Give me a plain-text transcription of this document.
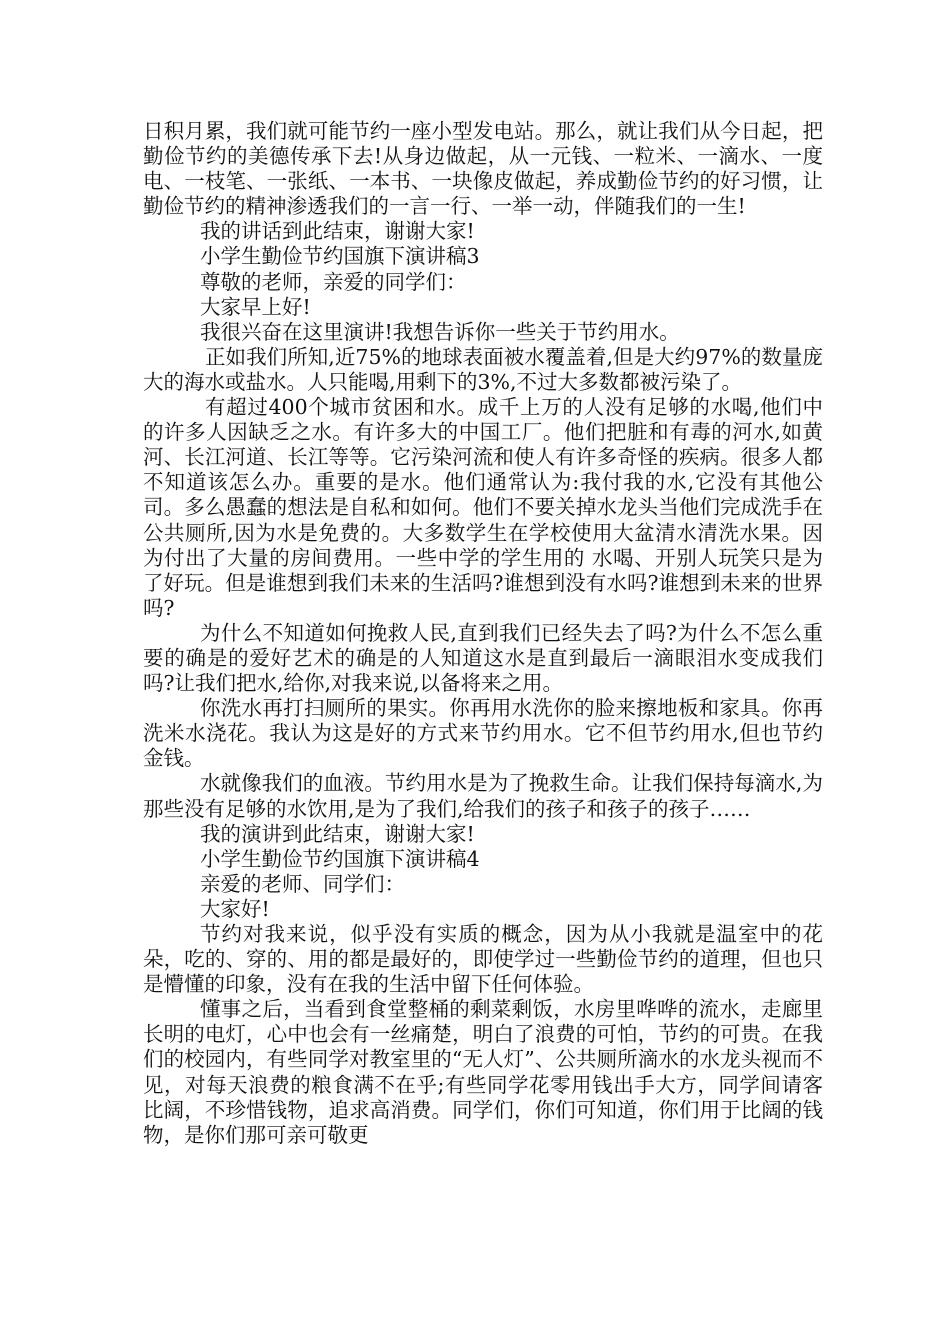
日积月累，我们就可能节约一座小型发电站。那么，就让我们从今日起，把勤俭节约的美德传承下去!从身边做起，从一元钱、一粒米、一滴水、一度电、一枝笔、一张纸、一本书、一块像皮做起，养成勤俭节约的好习惯，让勤俭节约的精神渗透我们的一言一行、一举一动，伴随我们的一生!

我的讲话到此结束，谢谢大家!

小学生勤俭节约国旗下演讲稿3

尊敬的老师，亲爱的同学们：

大家早上好!

我很兴奋在这里演讲!我想告诉你一些关于节约用水。

正如我们所知,近75%的地球表面被水覆盖着,但是大约97%的数量庞大的海水或盐水。人只能喝,用剩下的3%,不过大多数都被污染了。

有超过400个城市贫困和水。成千上万的人没有足够的水喝,他们中的许多人因缺乏之水。有许多大的中国工厂。他们把脏和有毒的河水,如黄河、长江河道、长江等等。它污染河流和使人有许多奇怪的疾病。很多人都不知道该怎么办。重要的是水。他们通常认为:我付我的水,它没有其他公司。多么愚蠢的想法是自私和如何。他们不要关掉水龙头当他们完成洗手在公共厕所,因为水是免费的。大多数学生在学校使用大盆清水清洗水果。因为付出了大量的房间费用。一些中学的学生用的 水喝、开别人玩笑只是为了好玩。但是谁想到我们未来的生活吗?谁想到没有水吗?谁想到未来的世界吗?

为什么不知道如何挽救人民,直到我们已经失去了吗?为什么不怎么重要的确是的爱好艺术的确是的人知道这水是直到最后一滴眼泪水变成我们吗?让我们把水,给你,对我来说,以备将来之用。

你洗水再打扫厕所的果实。你再用水洗你的脸来擦地板和家具。你再洗米水浇花。我认为这是好的方式来节约用水。它不但节约用水,但也节约金钱。

水就像我们的血液。节约用水是为了挽救生命。让我们保持每滴水,为那些没有足够的水饮用,是为了我们,给我们的孩子和孩子的孩子……

我的演讲到此结束，谢谢大家!

小学生勤俭节约国旗下演讲稿4

亲爱的老师、同学们：

大家好!

节约对我来说，似乎没有实质的概念，因为从小我就是温室中的花朵，吃的、穿的、用的都是最好的，即使学过一些勤俭节约的道理，但也只是懵懂的印象，没有在我的生活中留下任何体验。

懂事之后，当看到食堂整桶的剩菜剩饭，水房里哗哗的流水，走廊里长明的电灯，心中也会有一丝痛楚，明白了浪费的可怕，节约的可贵。在我们的校园内，有些同学对教室里的“无人灯”、公共厕所滴水的水龙头视而不见，对每天浪费的粮食满不在乎;有些同学花零用钱出手大方，同学间请客比阔，不珍惜钱物，追求高消费。同学们，你们可知道，你们用于比阔的钱物，是你们那可亲可敬更
